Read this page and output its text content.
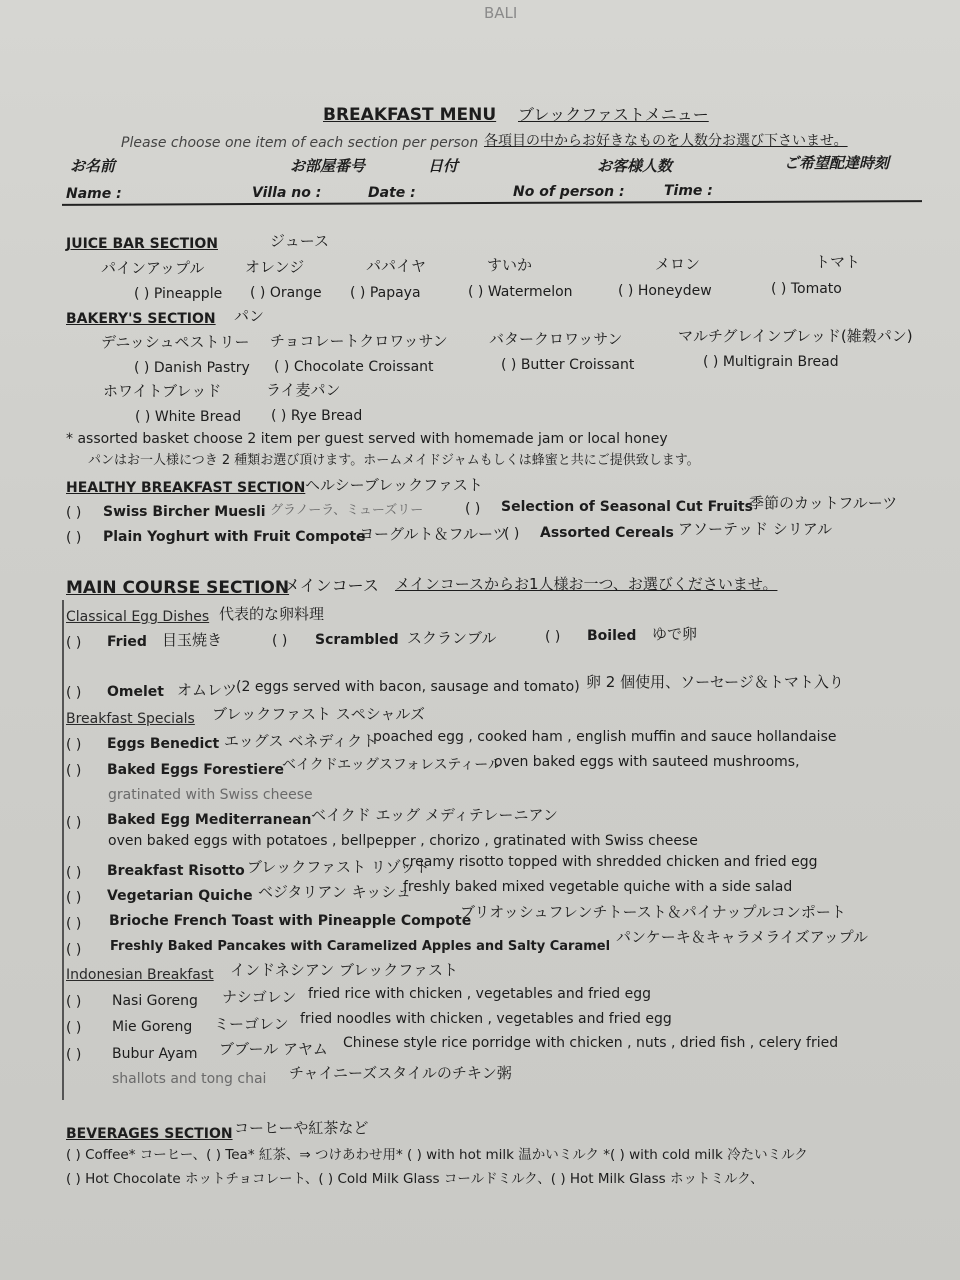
BALI
BREAKFAST MENU ブレックファストメニュー
Please choose one item of each section per person 各項目の中からお好きなものを人数分お選び下さいませ。
お名前	お部屋番号	日付	お客様人数	ご希望配達時刻
Name :	Villa no :	Date :	No of person :	Time :
JUICE BAR SECTION	ジュース
パインアップル	オレンジ	パパイヤ	すいか	メロン	トマト
( ) Pineapple ( ) Orange ( ) Papaya	( ) Watermelon	( ) Honeydew	( ) Tomato
BAKERY'S SECTION パン
デニッシュペストリー チョコレートクロワッサン	バタークロワッサン	マルチグレインブレッド(雑穀パン)
( ) Danish Pastry ( ) Chocolate Croissant	( ) Butter Croissant	( ) Multigrain Bread
ホワイトブレッド	ライ麦パン
( ) White Bread ( ) Rye Bread
* assorted basket choose 2 item per guest served with homemade jam or local honey
パンはお一人様につき 2 種類お選び頂けます。ホームメイドジャムもしくは蜂蜜と共にご提供致します。
HEALTHY BREAKFAST SECTION ヘルシーブレックファスト
( ) Swiss Bircher Muesli グラノーラ、ミューズリー	( ) Selection of Seasonal Cut Fruits
季節のカットフルーツ
( ) Plain Yoghurt with Fruit Compote
ヨーグルト＆フルーツ
( ) Assorted Cereals アソーテッド シリアル
MAIN COURSE SECTION
メインコース メインコースからお1人様お一つ、お選びくださいませ。
Classical Egg Dishes 代表的な卵料理
( ) Fried 目玉焼き	( ) Scrambled スクランブル	( ) Boiled ゆで卵
( ) Omelet オムレツ
(2 eggs served with bacon, sausage and tomato) 卵 2 個使用、ソーセージ＆トマト入り
Breakfast Specials ブレックファスト スペシャルズ
( ) Eggs Benedict エッグス ベネディクト
poached egg , cooked ham , english muffin and sauce hollandaise
( ) Baked Eggs Forestiere
ベイクドエッグスフォレスティール
oven baked eggs with sauteed mushrooms,
gratinated with Swiss cheese
( ) Baked Egg Mediterranean ベイクド エッグ メディテレーニアン
oven baked eggs with potatoes , bellpepper , chorizo , gratinated with Swiss cheese
( ) Breakfast Risotto ブレックファスト リゾット
creamy risotto topped with shredded chicken and fried egg
( ) Vegetarian Quiche ベジタリアン キッシュ
freshly baked mixed vegetable quiche with a side salad
( ) Brioche French Toast with Pineapple Compote
ブリオッシュフレンチトースト＆パイナップルコンポート
( ) Freshly Baked Pancakes with Caramelized Apples and Salty Caramel
パンケーキ＆キャラメライズアップル
Indonesian Breakfast インドネシアン ブレックファスト
( ) Nasi Goreng ナシゴレン fried rice with chicken , vegetables and fried egg
( ) Mie Goreng ミーゴレン fried noodles with chicken , vegetables and fried egg
( ) Bubur Ayam ブブール アヤム Chinese style rice porridge with chicken , nuts , dried fish , celery fried
shallots and tong chai チャイニーズスタイルのチキン粥
BEVERAGES SECTION コーヒーや紅茶など
( ) Coffee* コーヒー、( ) Tea* 紅茶、⇒ つけあわせ用* ( ) with hot milk 温かいミルク *( ) with cold milk 冷たいミルク
( ) Hot Chocolate ホットチョコレート、( ) Cold Milk Glass コールドミルク、( ) Hot Milk Glass ホットミルク、
